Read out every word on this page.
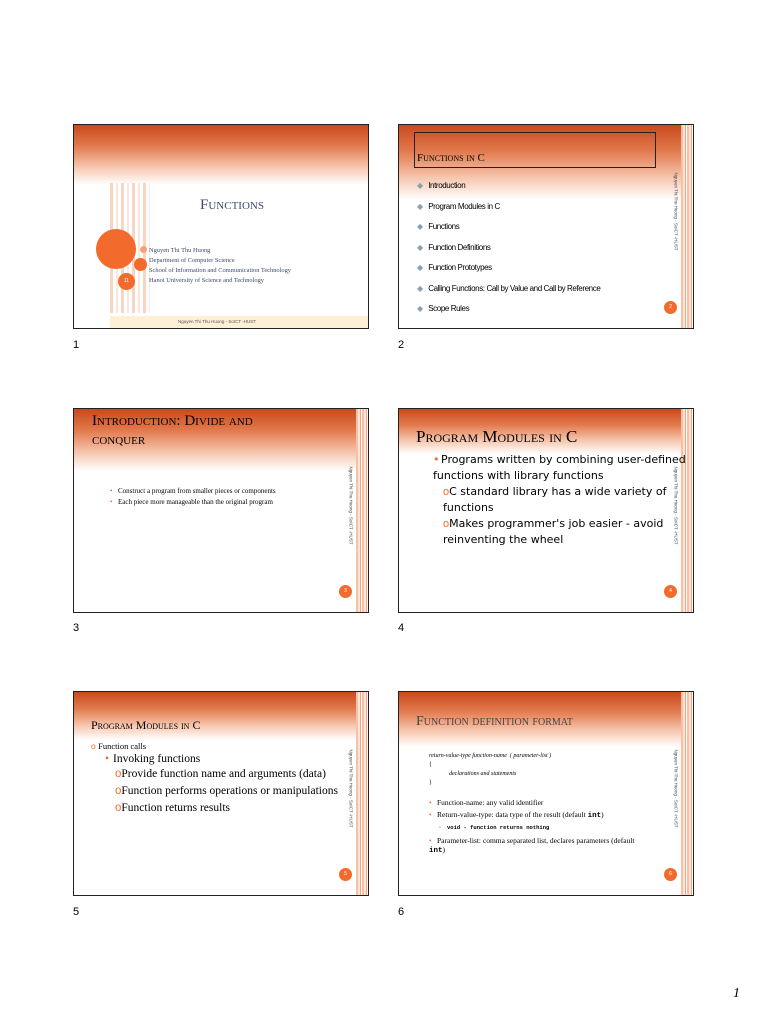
11
Functions
Nguyen Thi Thu Huong
Department of Computer Science
School of Information and Communication Technology
Hanoi University of Science and Technology
Nguyen Thi Thu Huong - SoICT -HUST
1
Functions in C
◆ Introduction
◆ Program Modules in C
◆ Functions
◆ Function Definitions
◆ Function Prototypes
◆ Calling Functions: Call by Value and Call by Reference
◆ Scope Rules
Nguyen Thi Thu Huong - SoICT -HUST
2
2
Introduction: Divide and
conquer
• Construct a program from smaller pieces or components
• Each piece more manageable than the original program	Nguyen Thi Thu Huong - SoICT -HUST
3
3
Program Modules in C
• Programs written by combining user-defined functions with library functions
oC standard library has a wide variety of functions
oMakes programmer's job easier - avoid reinventing the wheel	Nguyen Thi Thu Huong - SoICT -HUST
4
4
Program Modules in C
o Function calls
• Invoking functions
oProvide function name and arguments (data)
oFunction performs operations or manipulations
oFunction returns results	Nguyen Thi Thu Huong - SoICT -HUST
5
5
Function definition format
return-value-type function-name ( parameter-list )
{
declarations and statements
}
• Function-name: any valid identifier
• Return-value-type: data type of the result (default int)
• void - function returns nothing
• Parameter-list: comma separated list, declares parameters (default int)
Nguyen Thi Thu Huong - SoICT -HUST
6
6
1
